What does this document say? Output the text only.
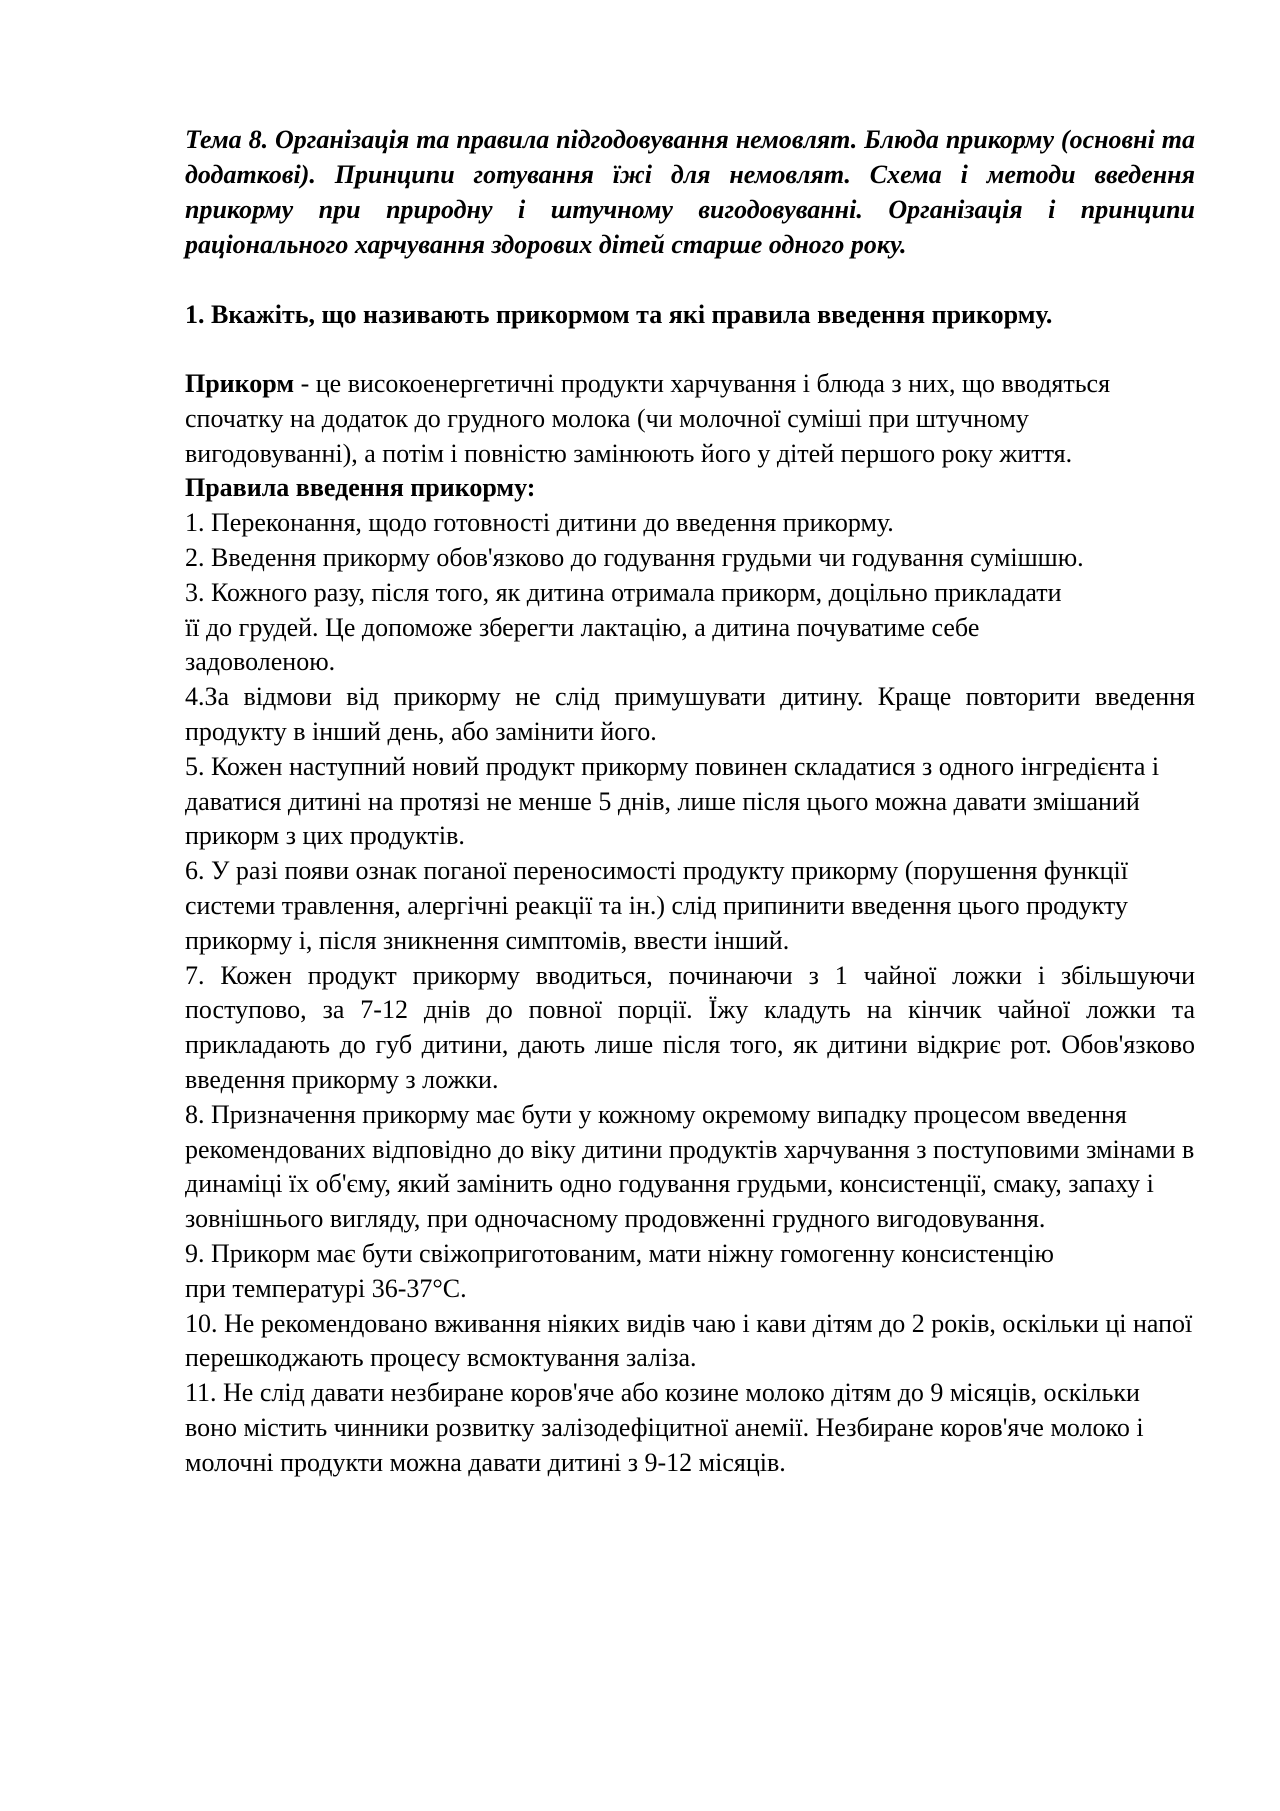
Тема 8. Організація та правила підгодовування немовлят. Блюда прикорму (основні та додаткові). Принципи готування їжі для немовлят. Схема і методи введення прикорму при природну і штучному вигодовуванні. Організація і принципи раціонального харчування здорових дітей старше одного року.

1. Вкажіть, що називають прикормом та які правила введення прикорму.

Прикорм - це високоенергетичні продукти харчування і блюда з них, що вводяться спочатку на додаток до грудного молока (чи молочної суміші при штучному вигодовуванні), а потім і повністю замінюють його у дітей першого року життя.

Правила введення прикорму:

1. Переконання, щодо готовності дитини до введення прикорму.

2. Введення прикорму обов'язково до годування грудьми чи годування сумішшю.

3. Кожного разу, після того, як дитина отримала прикорм, доцільно прикладати її до грудей. Це допоможе зберегти лактацію, а дитина почуватиме себе задоволеною.

4.За відмови від прикорму не слід примушувати дитину. Краще повторити введення продукту в інший день, або замінити його.

5. Кожен наступний новий продукт прикорму повинен складатися з одного інгредієнта і даватися дитині на протязі не менше 5 днів, лише після цього можна давати змішаний прикорм з цих продуктів.

6. У разі появи ознак поганої переносимості продукту прикорму (порушення функції системи травлення, алергічні реакції та ін.) слід припинити введення цього продукту прикорму і, після зникнення симптомів, ввести інший.

7. Кожен продукт прикорму вводиться, починаючи з 1 чайної ложки і збільшуючи поступово, за 7-12 днів до повної порції. Їжу кладуть на кінчик чайної ложки та прикладають до губ дитини, дають лише після того, як дитини відкриє рот. Обов'язково введення прикорму з ложки.

8. Призначення прикорму має бути у кожному окремому випадку процесом введення рекомендованих відповідно до віку дитини продуктів харчування з поступовими змінами в динаміці їх об'єму, який замінить одно годування грудьми, консистенції, смаку, запаху і зовнішнього вигляду, при одночасному продовженні грудного вигодовування.

9. Прикорм має бути свіжоприготованим, мати ніжну гомогенну консистенцію при температурі 36-37°С.

10. Не рекомендовано вживання ніяких видів чаю і кави дітям до 2 років, оскільки ці напої перешкоджають процесу всмоктування заліза.

11. Не слід давати незбиране коров'яче або козине молоко дітям до 9 місяців, оскільки воно містить чинники розвитку залізодефіцитної анемії. Незбиране коров'яче молоко і молочні продукти можна давати дитині з 9-12 місяців.
